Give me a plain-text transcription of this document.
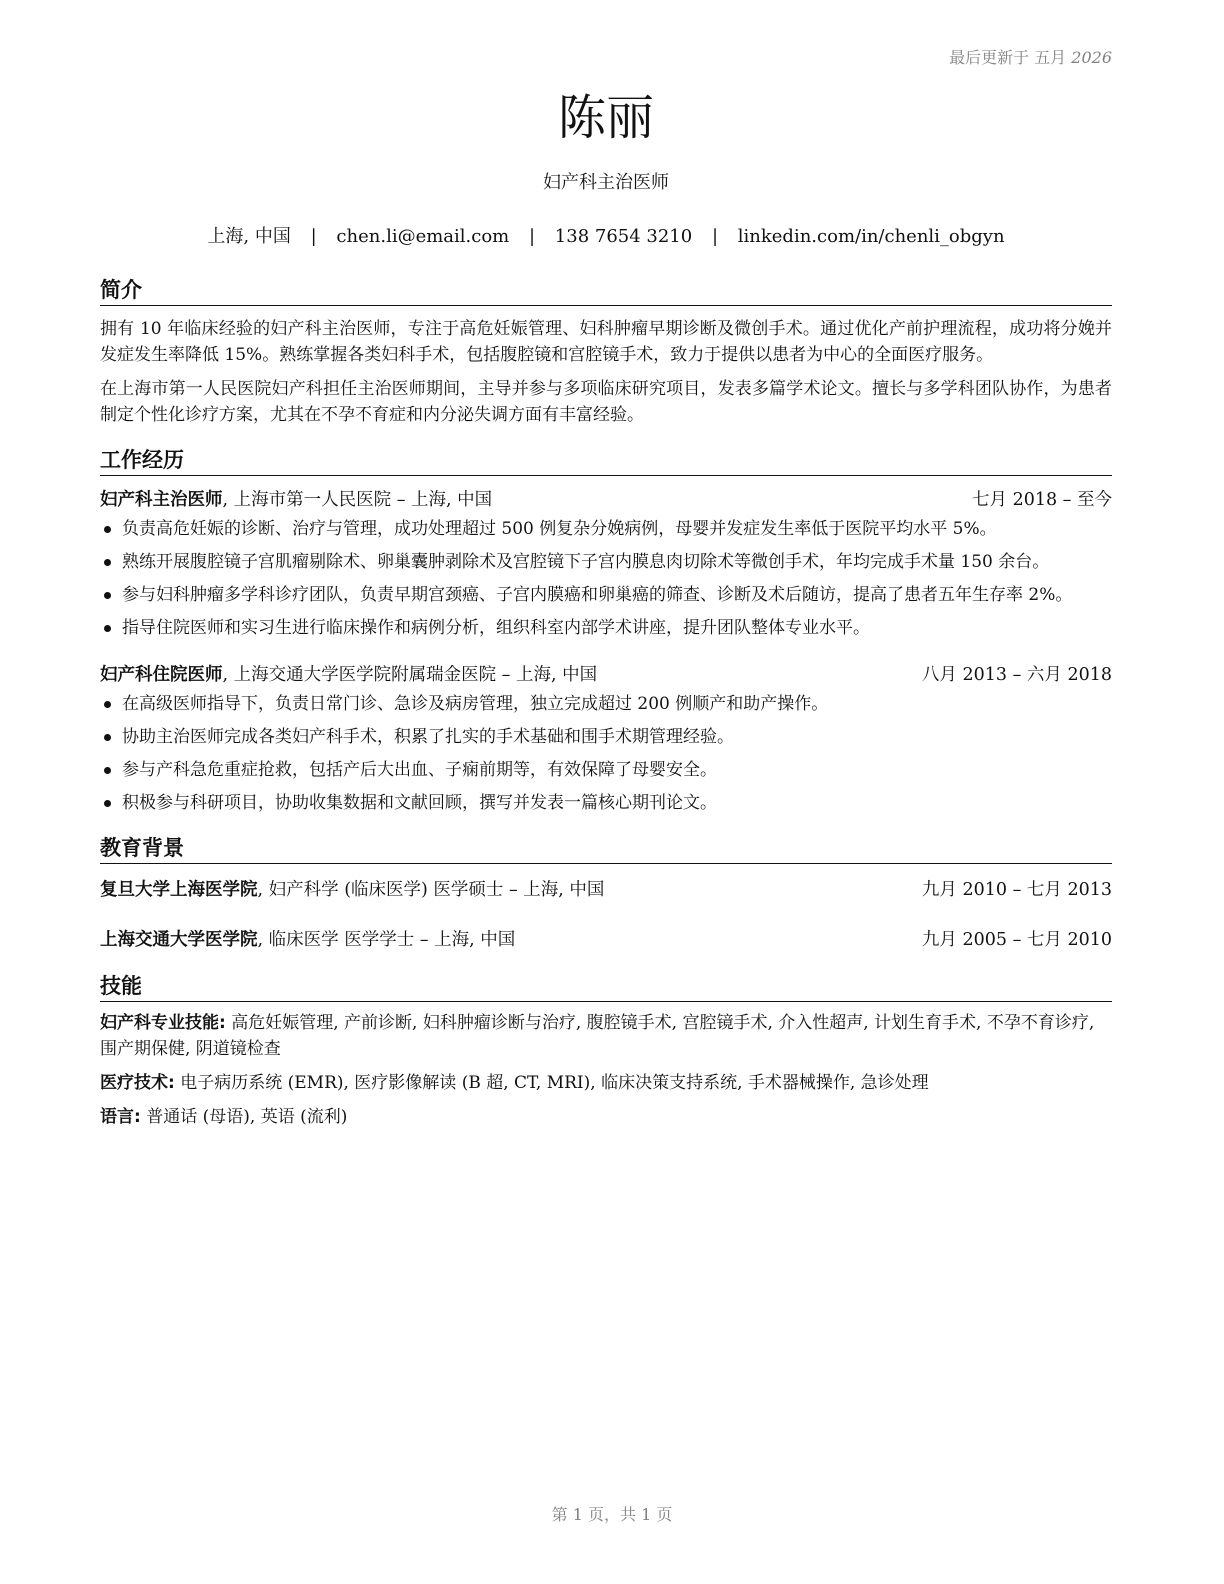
最后更新于 五月 2026
陈丽
妇产科主治医师
上海, 中国 | chen.li@email.com | 138 7654 3210 | linkedin.com/in/chenli_obgyn
简介

拥有 10 年临床经验的妇产科主治医师，专注于高危妊娠管理、妇科肿瘤早期诊断及微创手术。通过优化产前护理流程，成功将分娩并发症发生率降低 15%。熟练掌握各类妇科手术，包括腹腔镜和宫腔镜手术，致力于提供以患者为中心的全面医疗服务。

在上海市第一人民医院妇产科担任主治医师期间，主导并参与多项临床研究项目，发表多篇学术论文。擅长与多学科团队协作，为患者制定个性化诊疗方案，尤其在不孕不育症和内分泌失调方面有丰富经验。

工作经历
妇产科主治医师, 上海市第一人民医院 – 上海, 中国	七月 2018 – 至今
负责高危妊娠的诊断、治疗与管理，成功处理超过 500 例复杂分娩病例，母婴并发症发生率低于医院平均水平 5%。
熟练开展腹腔镜子宫肌瘤剔除术、卵巢囊肿剥除术及宫腔镜下子宫内膜息肉切除术等微创手术，年均完成手术量 150 余台。
参与妇科肿瘤多学科诊疗团队，负责早期宫颈癌、子宫内膜癌和卵巢癌的筛查、诊断及术后随访，提高了患者五年生存率 2%。
指导住院医师和实习生进行临床操作和病例分析，组织科室内部学术讲座，提升团队整体专业水平。
妇产科住院医师, 上海交通大学医学院附属瑞金医院 – 上海, 中国	八月 2013 – 六月 2018
在高级医师指导下，负责日常门诊、急诊及病房管理，独立完成超过 200 例顺产和助产操作。
协助主治医师完成各类妇产科手术，积累了扎实的手术基础和围手术期管理经验。
参与产科急危重症抢救，包括产后大出血、子痫前期等，有效保障了母婴安全。
积极参与科研项目，协助收集数据和文献回顾，撰写并发表一篇核心期刊论文。
教育背景
复旦大学上海医学院, 妇产科学 (临床医学) 医学硕士 – 上海, 中国	九月 2010 – 七月 2013
上海交通大学医学院, 临床医学 医学学士 – 上海, 中国	九月 2005 – 七月 2010
技能
妇产科专业技能: 高危妊娠管理, 产前诊断, 妇科肿瘤诊断与治疗, 腹腔镜手术, 宫腔镜手术, 介入性超声, 计划生育手术, 不孕不育诊疗, 围产期保健, 阴道镜检查
医疗技术: 电子病历系统 (EMR), 医疗影像解读 (B 超, CT, MRI), 临床决策支持系统, 手术器械操作, 急诊处理
语言: 普通话 (母语), 英语 (流利)
第 1 页，共 1 页
